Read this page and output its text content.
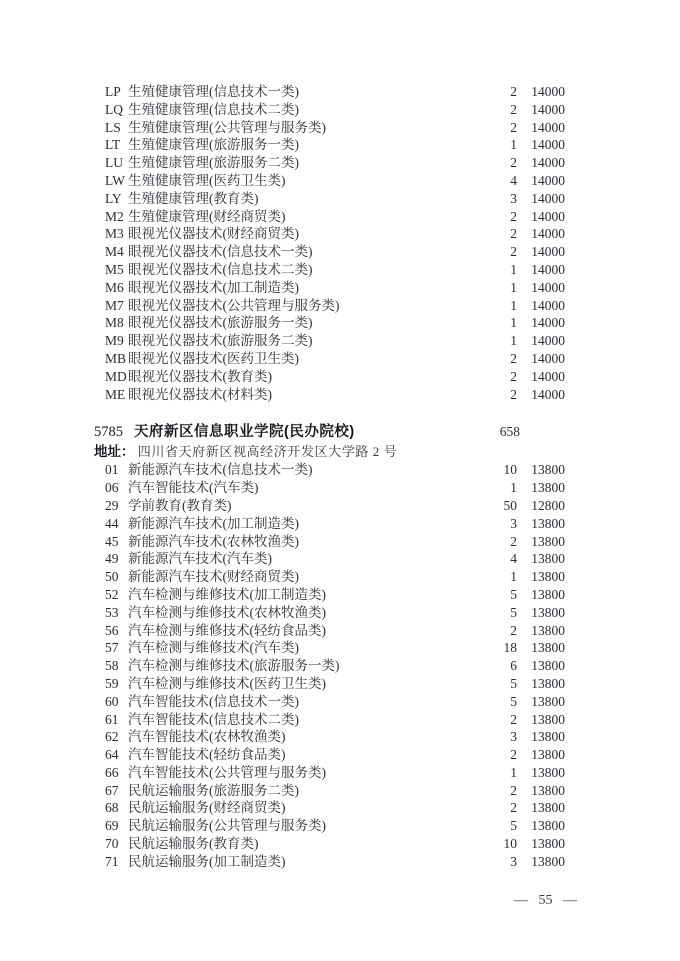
LP 生殖健康管理(信息技术一类)	2	14000
LQ 生殖健康管理(信息技术二类)	2	14000
LS 生殖健康管理(公共管理与服务类)	2	14000
LT 生殖健康管理(旅游服务一类)	1	14000
LU 生殖健康管理(旅游服务二类)	2	14000
LW 生殖健康管理(医药卫生类)	4	14000
LY 生殖健康管理(教育类)	3	14000
M2 生殖健康管理(财经商贸类)	2	14000
M3 眼视光仪器技术(财经商贸类)	2	14000
M4 眼视光仪器技术(信息技术一类)	2	14000
M5 眼视光仪器技术(信息技术二类)	1	14000
M6 眼视光仪器技术(加工制造类)	1	14000
M7 眼视光仪器技术(公共管理与服务类)	1	14000
M8 眼视光仪器技术(旅游服务一类)	1	14000
M9 眼视光仪器技术(旅游服务二类)	1	14000
MB 眼视光仪器技术(医药卫生类)	2	14000
MD 眼视光仪器技术(教育类)	2	14000
ME 眼视光仪器技术(材料类)	2	14000
5785 天府新区信息职业学院(民办院校)	658
地址： 四川省天府新区视高经济开发区大学路 2 号
01 新能源汽车技术(信息技术一类)	10	13800
06 汽车智能技术(汽车类)	1	13800
29 学前教育(教育类)	50	12800
44 新能源汽车技术(加工制造类)	3	13800
45 新能源汽车技术(农林牧渔类)	2	13800
49 新能源汽车技术(汽车类)	4	13800
50 新能源汽车技术(财经商贸类)	1	13800
52 汽车检测与维修技术(加工制造类)	5	13800
53 汽车检测与维修技术(农林牧渔类)	5	13800
56 汽车检测与维修技术(轻纺食品类)	2	13800
57 汽车检测与维修技术(汽车类)	18	13800
58 汽车检测与维修技术(旅游服务一类)	6	13800
59 汽车检测与维修技术(医药卫生类)	5	13800
60 汽车智能技术(信息技术一类)	5	13800
61 汽车智能技术(信息技术二类)	2	13800
62 汽车智能技术(农林牧渔类)	3	13800
64 汽车智能技术(轻纺食品类)	2	13800
66 汽车智能技术(公共管理与服务类)	1	13800
67 民航运输服务(旅游服务二类)	2	13800
68 民航运输服务(财经商贸类)	2	13800
69 民航运输服务(公共管理与服务类)	5	13800
70 民航运输服务(教育类)	10	13800
71 民航运输服务(加工制造类)	3	13800
— 55 —
